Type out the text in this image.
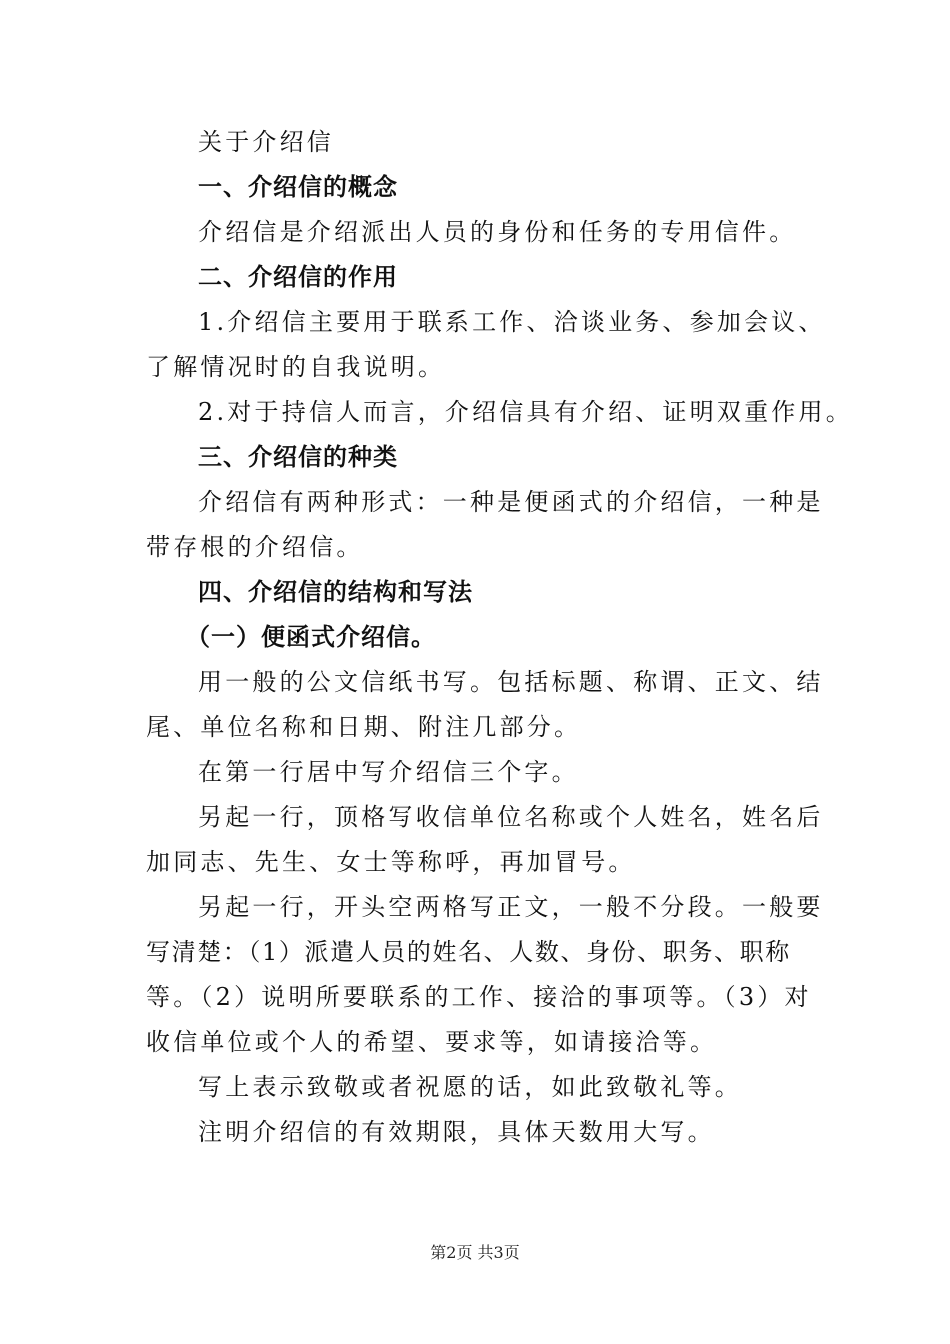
关于介绍信
一、介绍信的概念
介绍信是介绍派出人员的身份和任务的专用信件。
二、介绍信的作用
1.介绍信主要用于联系工作、洽谈业务、参加会议、
了解情况时的自我说明。
2.对于持信人而言，介绍信具有介绍、证明双重作用。
三、介绍信的种类
介绍信有两种形式：一种是便函式的介绍信，一种是
带存根的介绍信。
四、介绍信的结构和写法
（一）便函式介绍信。
用一般的公文信纸书写。包括标题、称谓、正文、结
尾、单位名称和日期、附注几部分。
在第一行居中写介绍信三个字。
另起一行，顶格写收信单位名称或个人姓名，姓名后
加同志、先生、女士等称呼，再加冒号。
另起一行，开头空两格写正文，一般不分段。一般要
写清楚：（1）派遣人员的姓名、人数、身份、职务、职称
等。（2）说明所要联系的工作、接洽的事项等。（3）对
收信单位或个人的希望、要求等，如请接洽等。
写上表示致敬或者祝愿的话，如此致敬礼等。
注明介绍信的有效期限，具体天数用大写。
第2页 共3页
